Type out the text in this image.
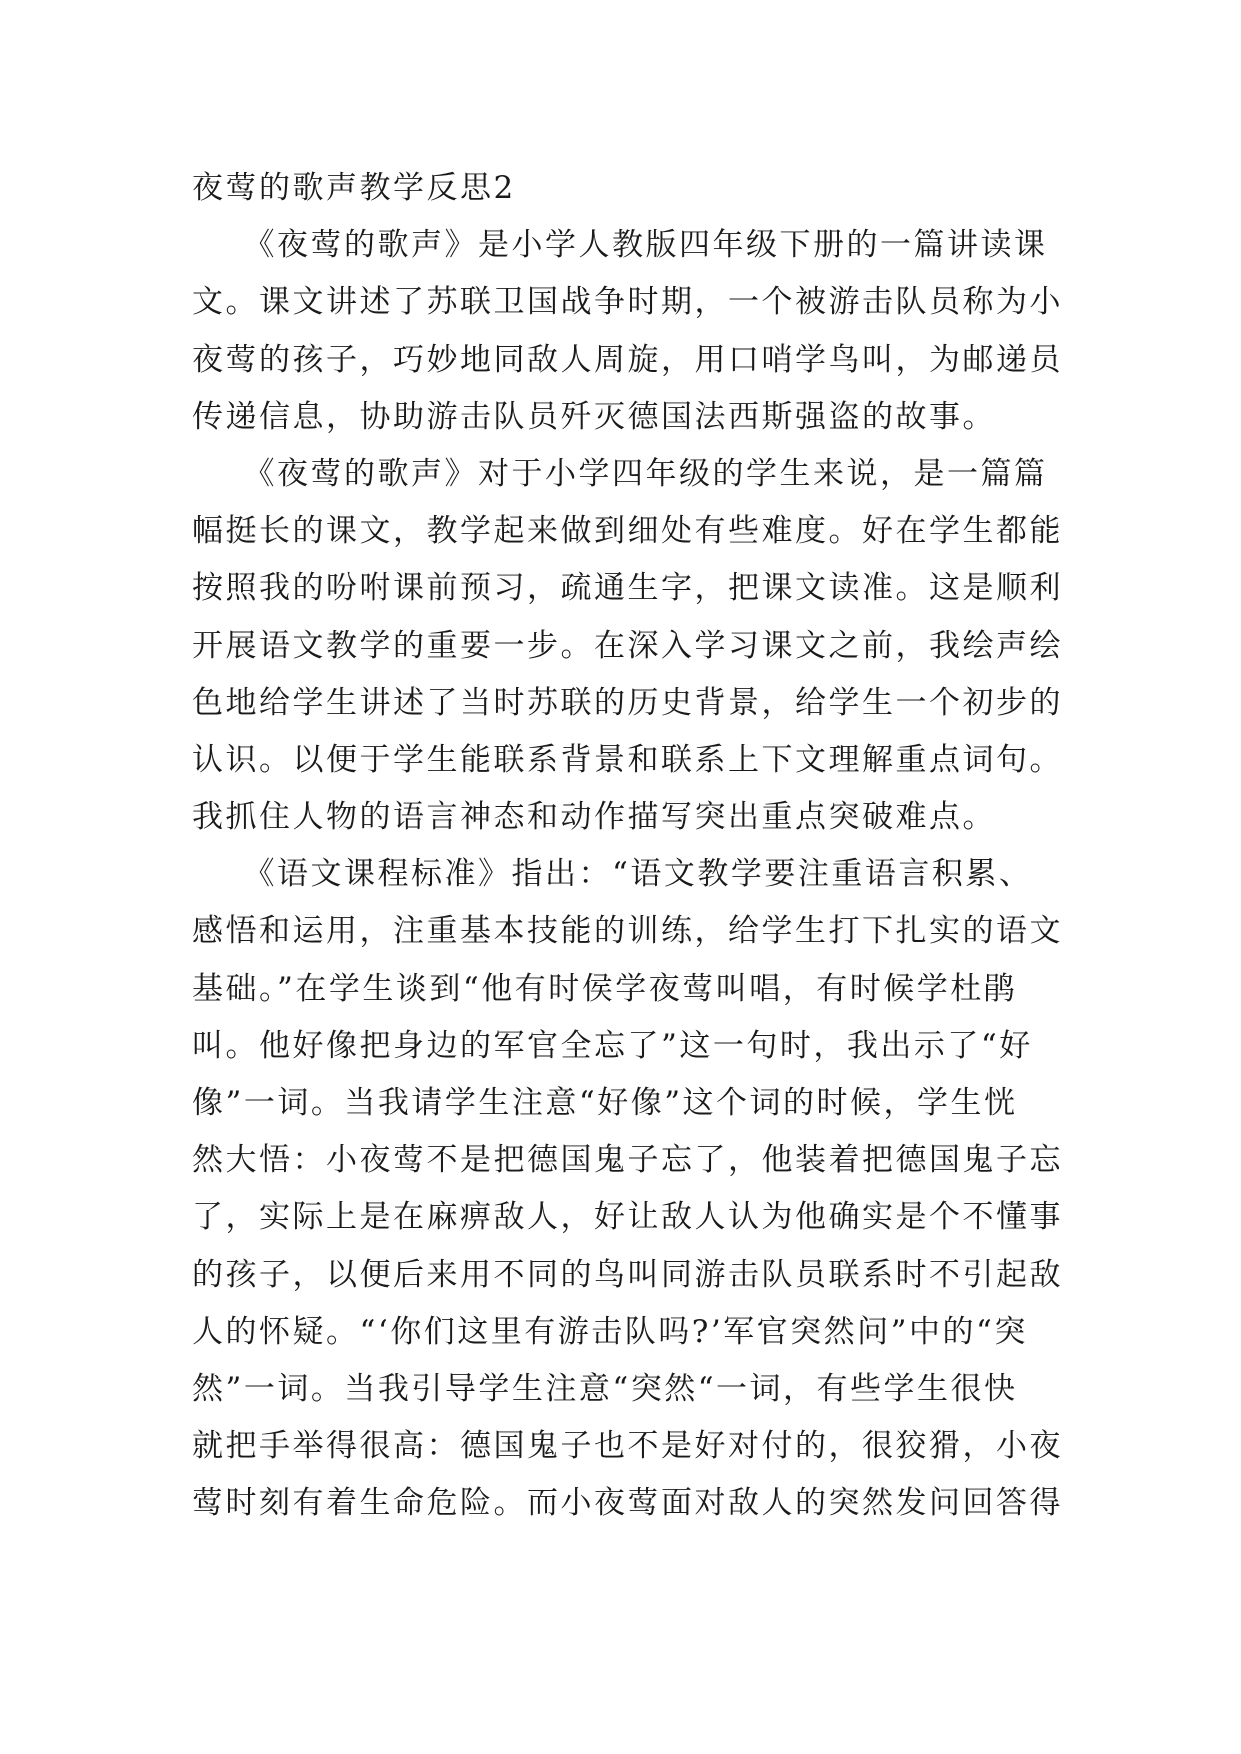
夜莺的歌声教学反思2
　　《夜莺的歌声》是小学人教版四年级下册的一篇讲读课
文。课文讲述了苏联卫国战争时期，一个被游击队员称为小
夜莺的孩子，巧妙地同敌人周旋，用口哨学鸟叫，为邮递员
传递信息，协助游击队员歼灭德国法西斯强盗的故事。
　　《夜莺的歌声》对于小学四年级的学生来说，是一篇篇
幅挺长的课文，教学起来做到细处有些难度。好在学生都能
按照我的吩咐课前预习，疏通生字，把课文读准。这是顺利
开展语文教学的重要一步。在深入学习课文之前，我绘声绘
色地给学生讲述了当时苏联的历史背景，给学生一个初步的
认识。以便于学生能联系背景和联系上下文理解重点词句。
我抓住人物的语言神态和动作描写突出重点突破难点。
　　《语文课程标准》指出：“语文教学要注重语言积累、
感悟和运用，注重基本技能的训练，给学生打下扎实的语文
基础。”在学生谈到“他有时侯学夜莺叫唱，有时候学杜鹃
叫。他好像把身边的军官全忘了”这一句时，我出示了“好
像”一词。当我请学生注意“好像”这个词的时候，学生恍
然大悟：小夜莺不是把德国鬼子忘了，他装着把德国鬼子忘
了，实际上是在麻痹敌人，好让敌人认为他确实是个不懂事
的孩子，以便后来用不同的鸟叫同游击队员联系时不引起敌
人的怀疑。“‘你们这里有游击队吗?’军官突然问”中的“突
然”一词。当我引导学生注意“突然“一词，有些学生很快
就把手举得很高：德国鬼子也不是好对付的，很狡猾，小夜
莺时刻有着生命危险。而小夜莺面对敌人的突然发问回答得
